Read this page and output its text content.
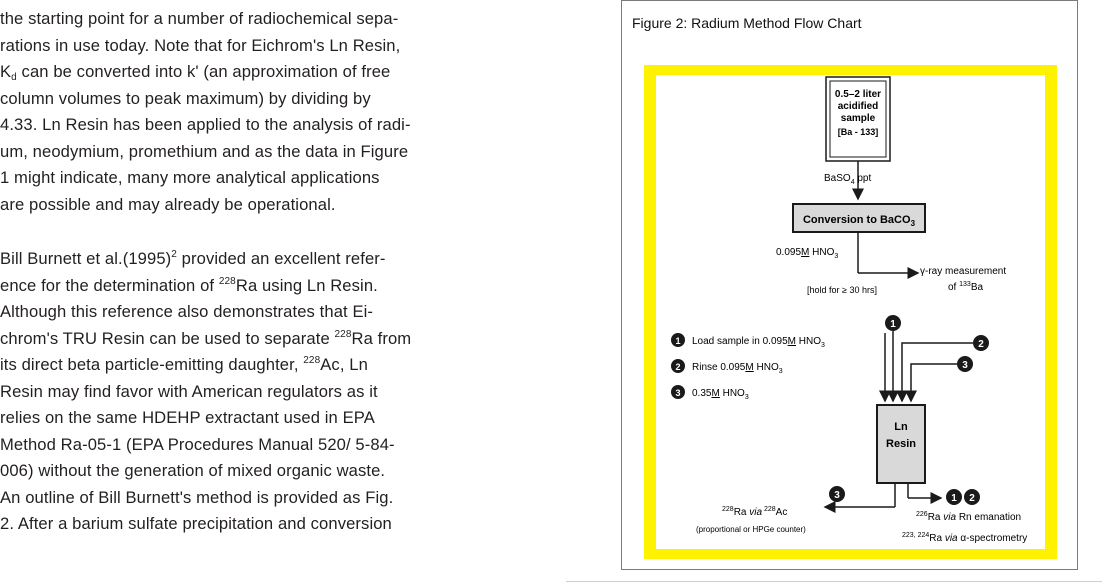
the starting point for a number of radiochemical sepa-

rations in use today. Note that for Eichrom's Ln Resin,

$K_d$ can be converted into k' (an approximation of free

column volumes to peak maximum) by dividing by

4.33. Ln Resin has been applied to the analysis of radi-

um, neodymium, promethium and as the data in Figure

1 might indicate, many more analytical applications

are possible and may already be operational.

Bill Burnett et $al.(1995)^2$ provided an excellent refer-

ence for the determination of $^{228}$Ra using Ln Resin.

Although this reference also demonstrates that Ei-

chrom's TRU Resin can be used to separate $^{228}$Ra from

its direct beta particle-emitting daughter, $^{228}$Ac, Ln

Resin may find favor with American regulators as it

relies on the same HDEHP extractant used in EPA

Method Ra-05-1 (EPA Procedures Manual 520/ 5-84-

006) without the generation of mixed organic waste.

An outline of Bill Burnett's method is provided as Fig.

2. After a barium sulfate precipitation and conversion

Figure 2: Radium Method Flow Chart
0.5–2 liter
acidified
sample
[Ba - 133]
BaSO$_4$ ppt
Conversion to BaCO$_3$
0.095M $HNO_3$
γ-ray measurement
of $^{133}$Ba
[hold for ≥ 30 hrs]
1 Load sample in 0.095M $HNO_3$
2 Rinse 0.095M $HNO_3$
3 0.35M $HNO_3$
1
2
3
Ln
Resin
3	1 2
$^{228}$Ra via $^{228}$Ac
(proportional or HPGe counter)
$^{226}$Ra via Rn emanation
$^{223, 224}$Ra via α-spectrometry
